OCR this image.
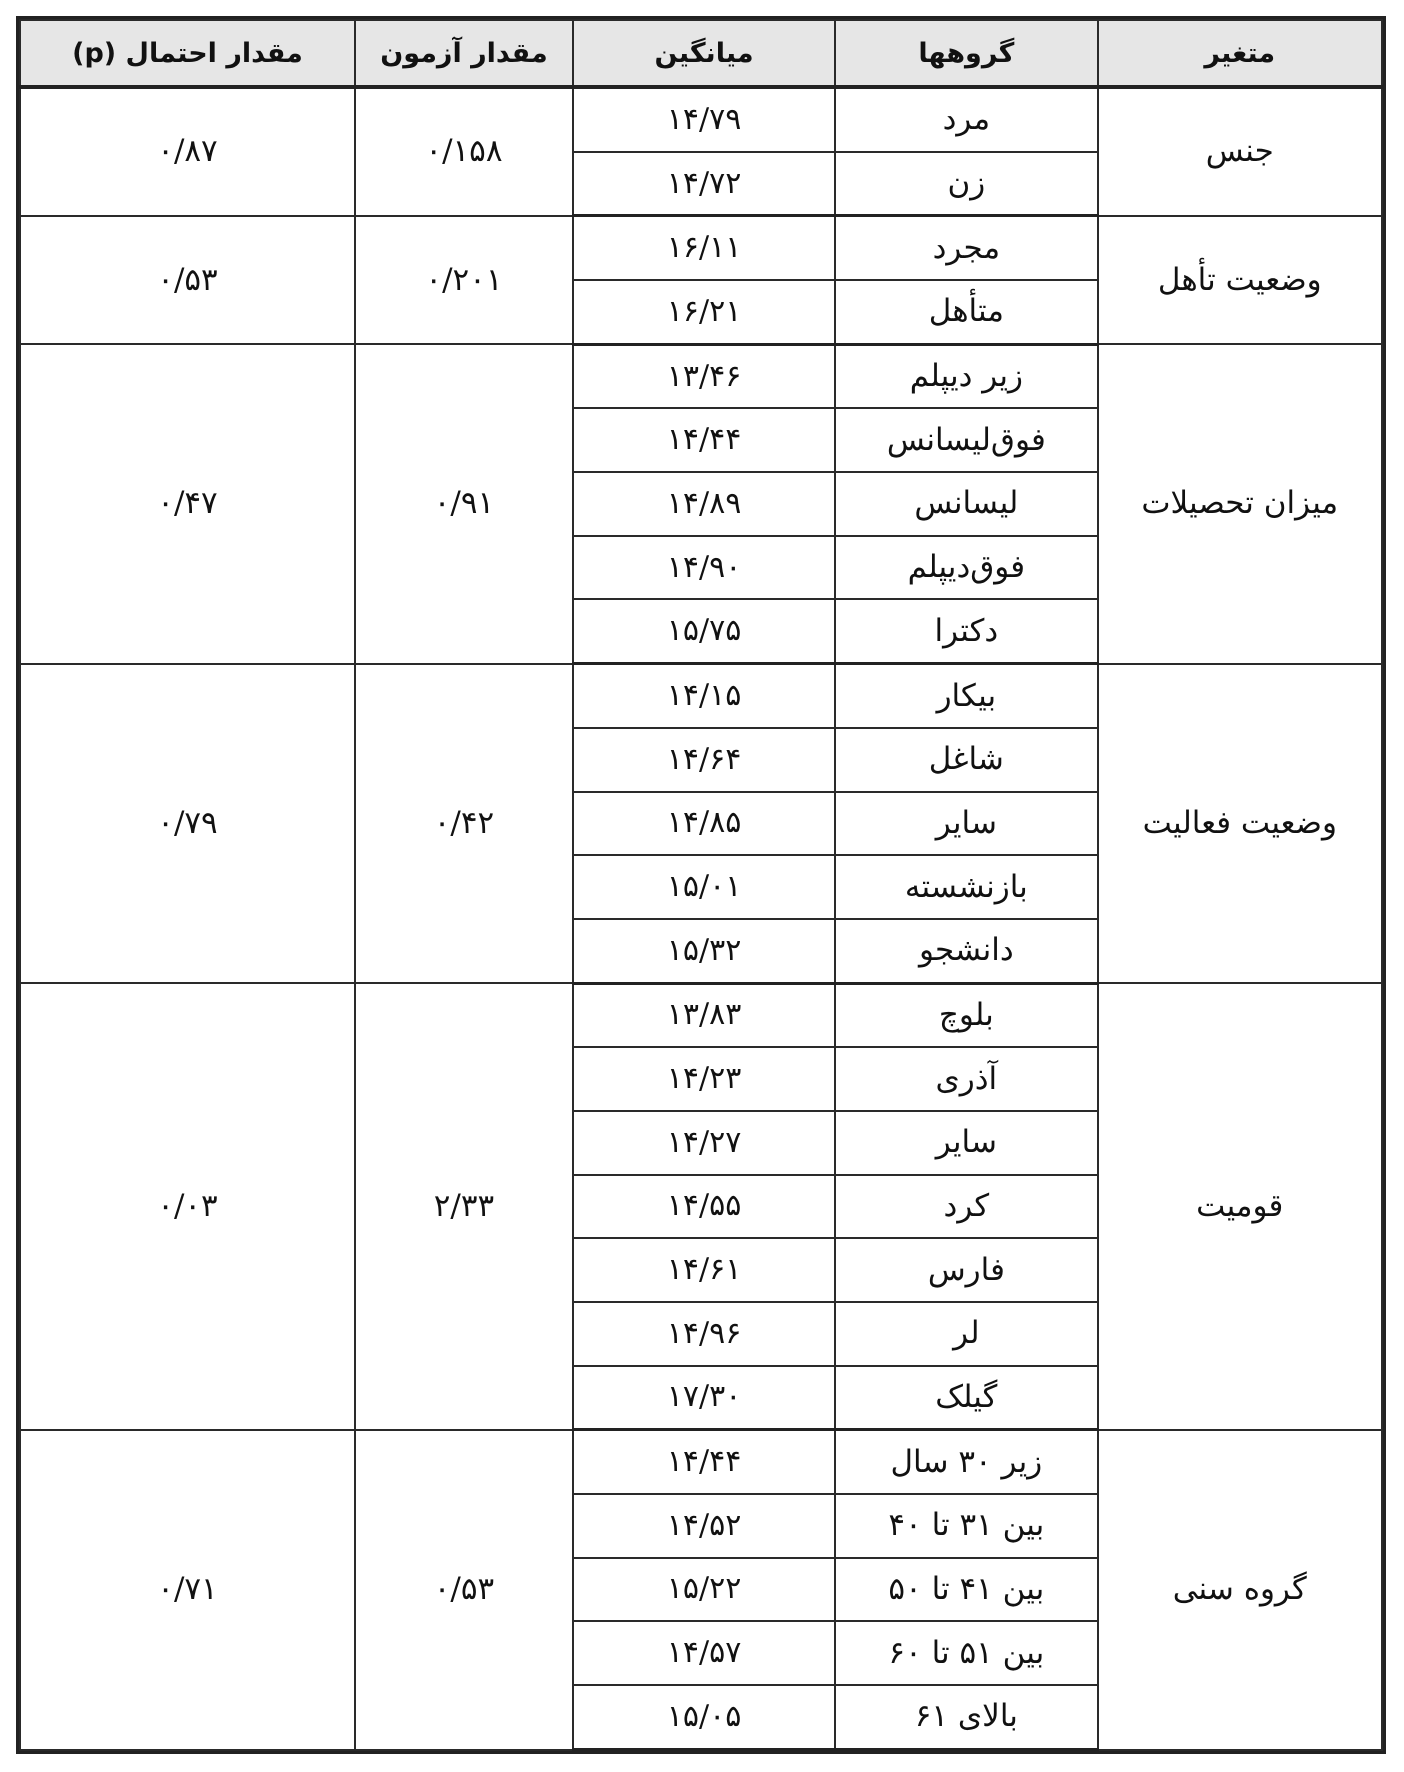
متغیر	گروهها	میانگین	مقدار آزمون	مقدار احتمال (p)
جنس	مرد	۱۴/۷۹	۰/۱۵۸	۰/۸۷
	زن	۱۴/۷۲		
وضعیت تأهل	مجرد	۱۶/۱۱	۰/۲۰۱	۰/۵۳
	متأهل	۱۶/۲۱		
میزان تحصیلات	زیر دیپلم	۱۳/۴۶	۰/۹۱	۰/۴۷
	فوق‌لیسانس	۱۴/۴۴		
	لیسانس	۱۴/۸۹		
	فوق‌دیپلم	۱۴/۹۰		
	دکترا	۱۵/۷۵		
وضعیت فعالیت	بیکار	۱۴/۱۵	۰/۴۲	۰/۷۹
	شاغل	۱۴/۶۴		
	سایر	۱۴/۸۵		
	بازنشسته	۱۵/۰۱		
	دانشجو	۱۵/۳۲		
قومیت	بلوچ	۱۳/۸۳	۲/۳۳	۰/۰۳
	آذری	۱۴/۲۳		
	سایر	۱۴/۲۷		
	کرد	۱۴/۵۵		
	فارس	۱۴/۶۱		
	لر	۱۴/۹۶		
	گیلک	۱۷/۳۰		
گروه سنی	زیر ۳۰ سال	۱۴/۴۴	۰/۵۳	۰/۷۱
	بین ۳۱ تا ۴۰	۱۴/۵۲		
	بین ۴۱ تا ۵۰	۱۵/۲۲		
	بین ۵۱ تا ۶۰	۱۴/۵۷		
	بالای ۶۱	۱۵/۰۵		
